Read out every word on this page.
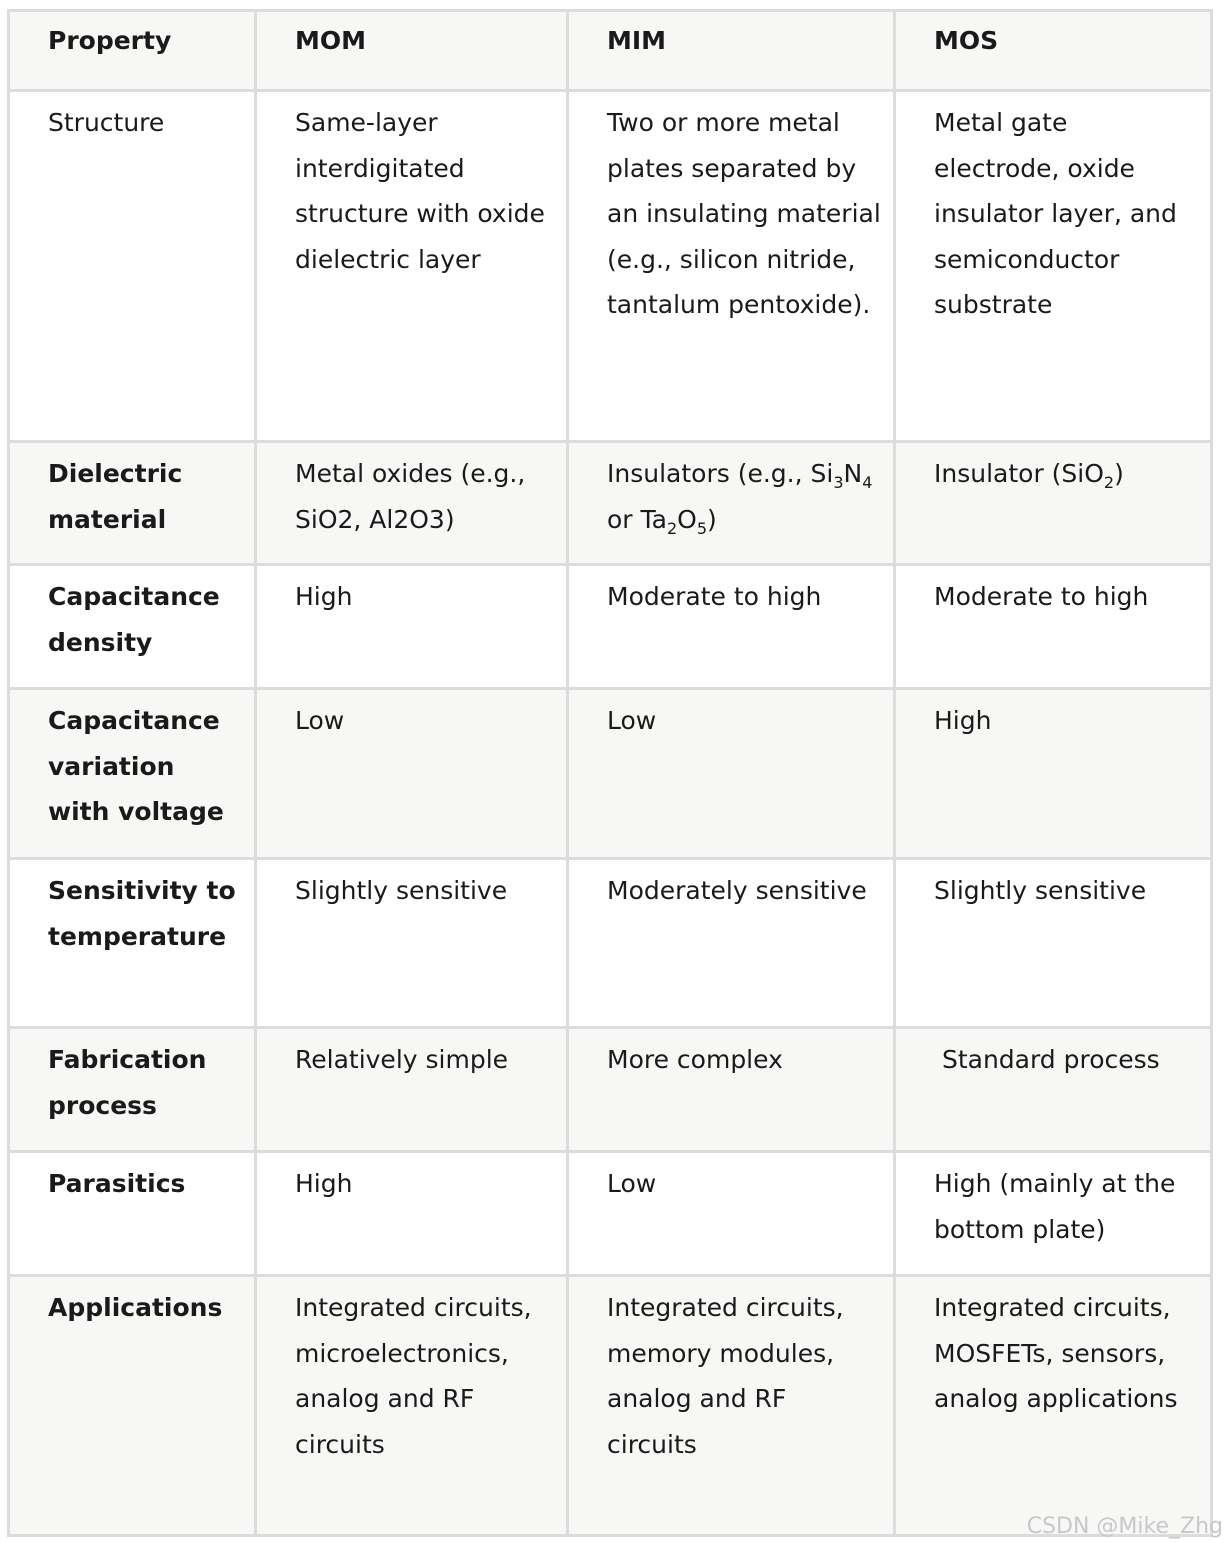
Property	MOM	MIM	MOS
Structure	Same-layer interdigitated structure with oxide dielectric layer	Two or more metal plates separated by an insulating material (e.g., silicon nitride, tantalum pentoxide).	Metal gate electrode, oxide insulator layer, and semiconductor substrate
Dielectric material	Metal oxides (e.g., SiO2, Al2O3)	Insulators (e.g., $Si_3N_4$ or $Ta_2O_5$)	Insulator (SiO$_2$)
Capacitance density	High	Moderate to high	Moderate to high
Capacitance variation with voltage	Low	Low	High
Sensitivity to temperature	Slightly sensitive	Moderately sensitive	Slightly sensitive
Fabrication process	Relatively simple	More complex	Standard process
Parasitics	High	Low	High (mainly at the bottom plate)
Applications	Integrated circuits, microelectronics, analog and RF circuits	Integrated circuits, memory modules, analog and RF circuits	Integrated circuits, MOSFETs, sensors, analog applications
CSDN @Mike_Zhg
